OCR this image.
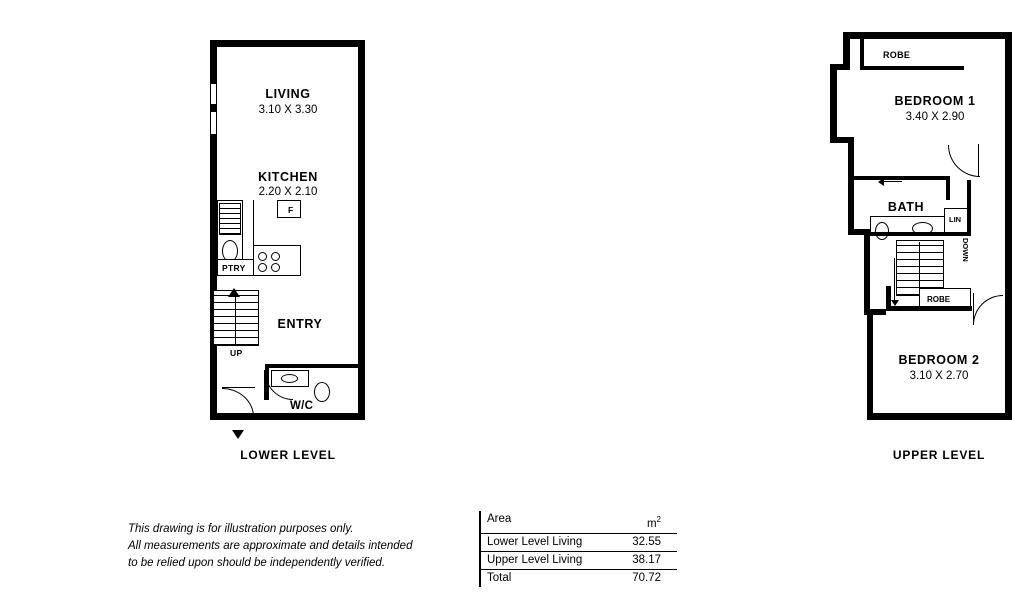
LIVING
3.10 X 3.30
KITCHEN
2.20 X 2.10
PTRY
F
UP
ENTRY
W/C
LOWER LEVEL
ROBE
BEDROOM 1
3.40 X 2.90
BATH
LIN
DOWN
ROBE
BEDROOM 2
3.10 X 2.70
UPPER LEVEL
This drawing is for illustration purposes only.
All measurements are approximate and details intended
to be relied upon should be independently verified.
Area	$m^2$
Lower Level Living	32.55
Upper Level Living	38.17
Total	70.72
